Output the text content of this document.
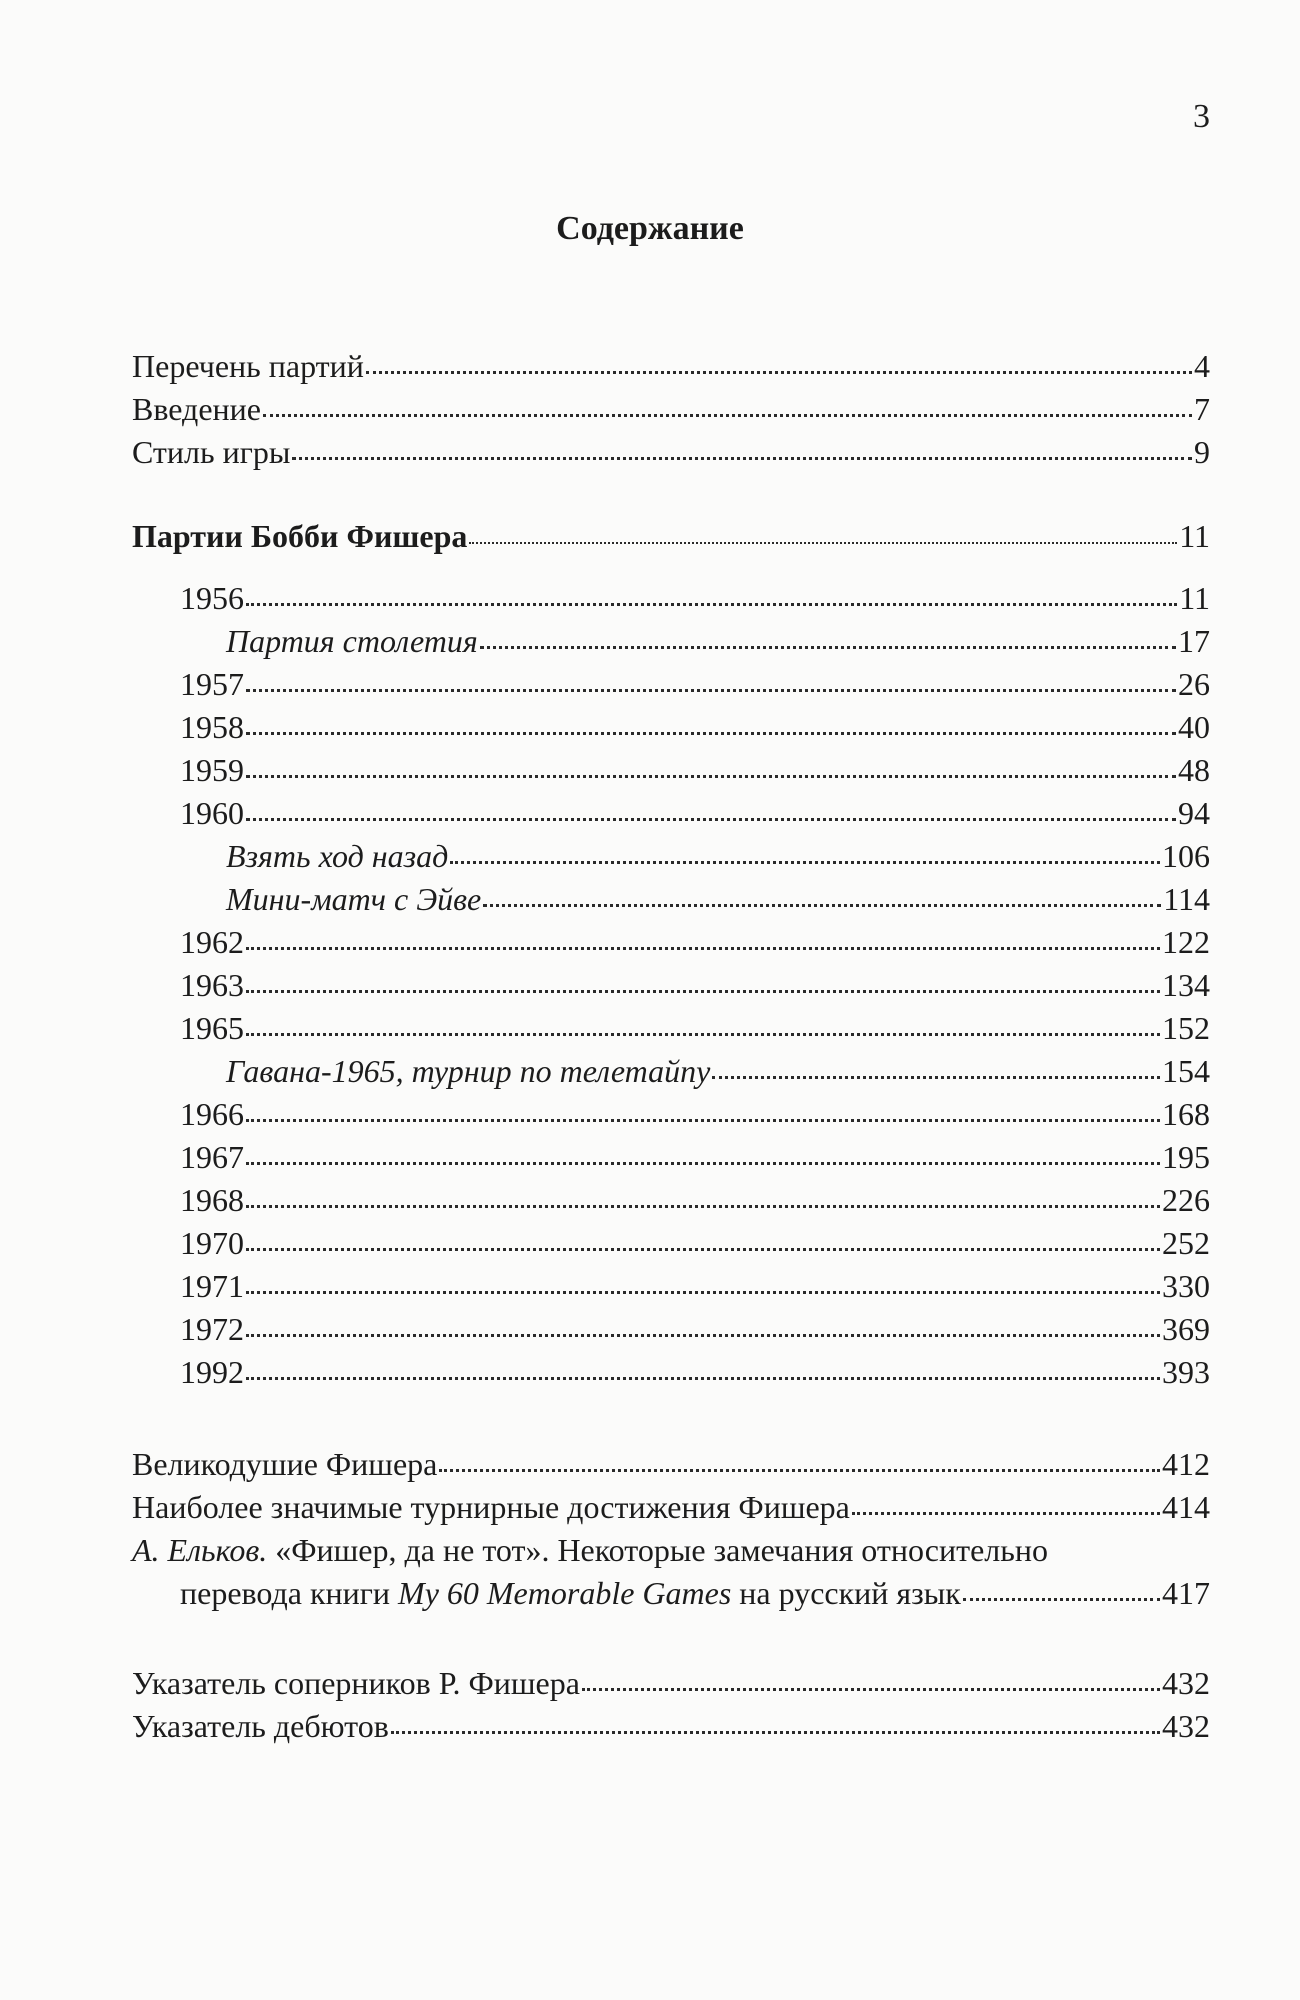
3
Содержание
Перечень партий	4
Введение	7
Стиль игры	9
Партии Бобби Фишера	11
1956	11
Партия столетия	17
1957	26
1958	40
1959	48
1960	94
Взять ход назад	106
Мини-матч с Эйве	114
1962	122
1963	134
1965	152
Гавана-1965, турнир по телетайпу	154
1966	168
1967	195
1968	226
1970	252
1971	330
1972	369
1992	393
Великодушие Фишера	412
Наиболее значимые турнирные достижения Фишера	414
А. Ельков. «Фишер, да не тот». Некоторые замечания относительно
перевода книги My 60 Memorable Games на русский язык	417
Указатель соперников Р. Фишера	432
Указатель дебютов	432
